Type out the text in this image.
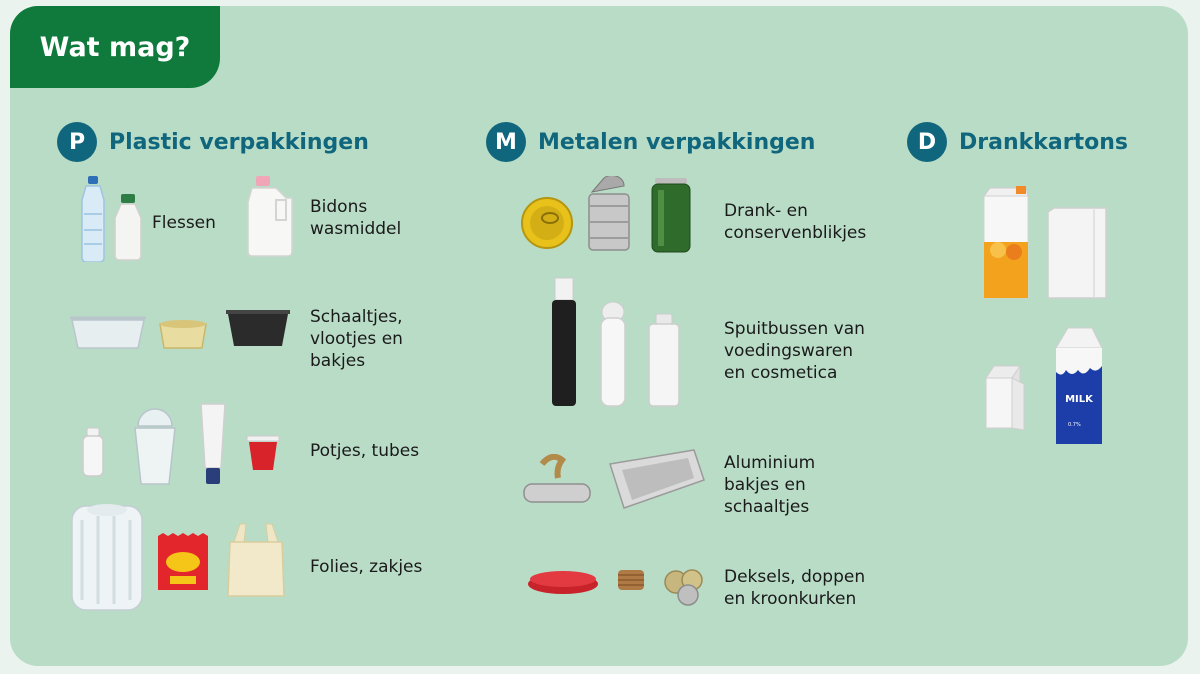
Wat mag?
P	Plastic verpakkingen
Flessen
Bidons
wasmiddel
Schaaltjes,
vlootjes en
bakjes
Potjes, tubes
Folies, zakjes
M Metalen verpakkingen
Drank- en
conservenblikjes
Spuitbussen van
voedingswaren
en cosmetica
Aluminium
bakjes en
schaaltjes
Deksels, doppen
en kroonkurken
D	Drankkartons
MILK
0.7%
